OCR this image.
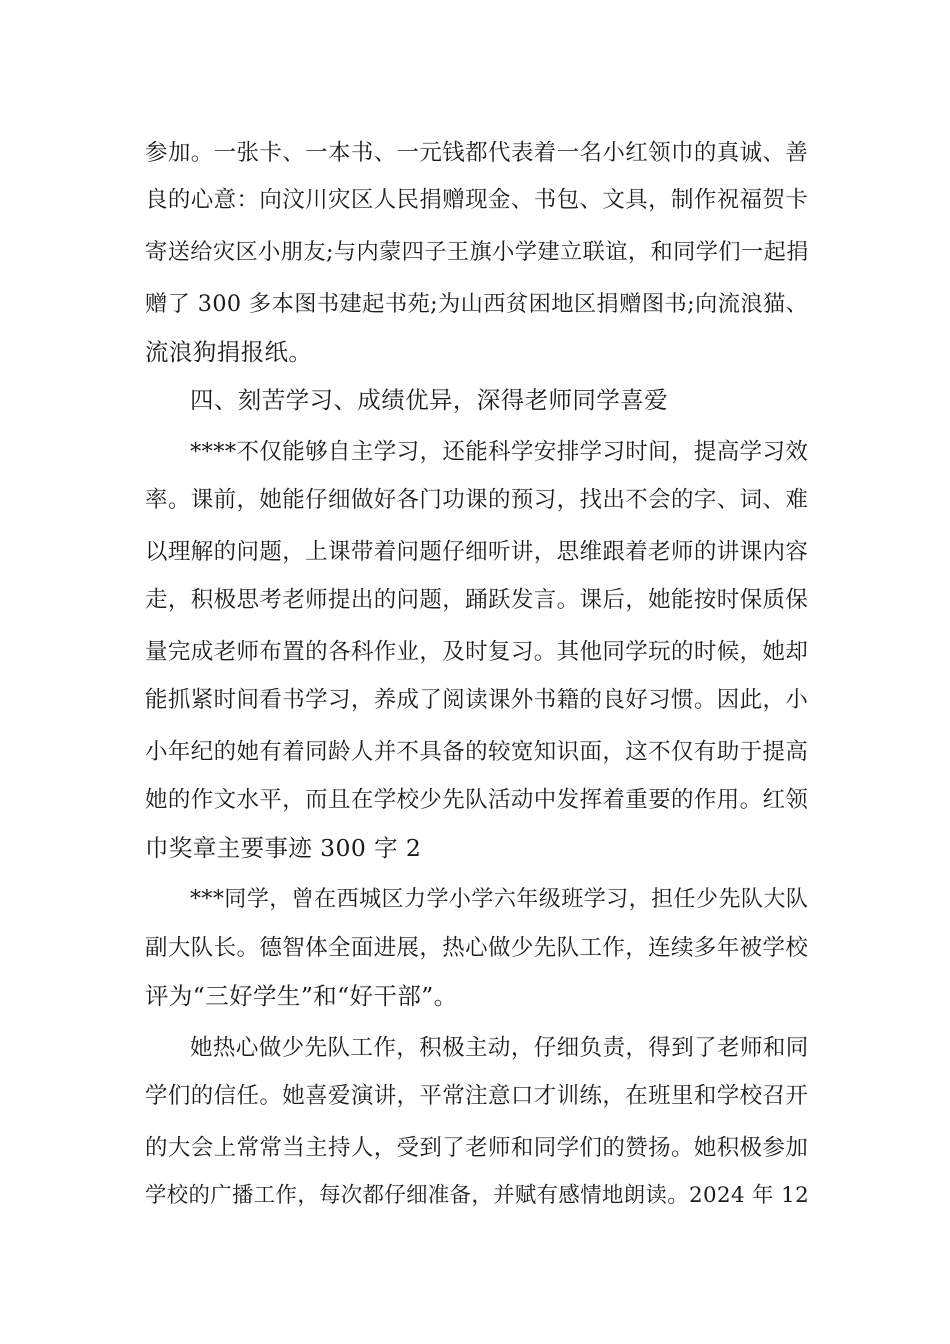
参加。一张卡、一本书、一元钱都代表着一名小红领巾的真诚、善
良的心意：向汶川灾区人民捐赠现金、书包、文具，制作祝福贺卡
寄送给灾区小朋友;与内蒙四子王旗小学建立联谊，和同学们一起捐
赠了 300 多本图书建起书苑;为山西贫困地区捐赠图书;向流浪猫、
流浪狗捐报纸。
四、刻苦学习、成绩优异，深得老师同学喜爱
****不仅能够自主学习，还能科学安排学习时间，提高学习效
率。课前，她能仔细做好各门功课的预习，找出不会的字、词、难
以理解的问题，上课带着问题仔细听讲，思维跟着老师的讲课内容
走，积极思考老师提出的问题，踊跃发言。课后，她能按时保质保
量完成老师布置的各科作业，及时复习。其他同学玩的时候，她却
能抓紧时间看书学习，养成了阅读课外书籍的良好习惯。因此，小
小年纪的她有着同龄人并不具备的较宽知识面，这不仅有助于提高
她的作文水平，而且在学校少先队活动中发挥着重要的作用。红领
巾奖章主要事迹 300 字 2
***同学，曾在西城区力学小学六年级班学习，担任少先队大队
副大队长。德智体全面进展，热心做少先队工作，连续多年被学校
评为“三好学生”和“好干部”。
她热心做少先队工作，积极主动，仔细负责，得到了老师和同
学们的信任。她喜爱演讲，平常注意口才训练，在班里和学校召开
的大会上常常当主持人，受到了老师和同学们的赞扬。她积极参加
学校的广播工作，每次都仔细准备，并赋有感情地朗读。2024 年 12
